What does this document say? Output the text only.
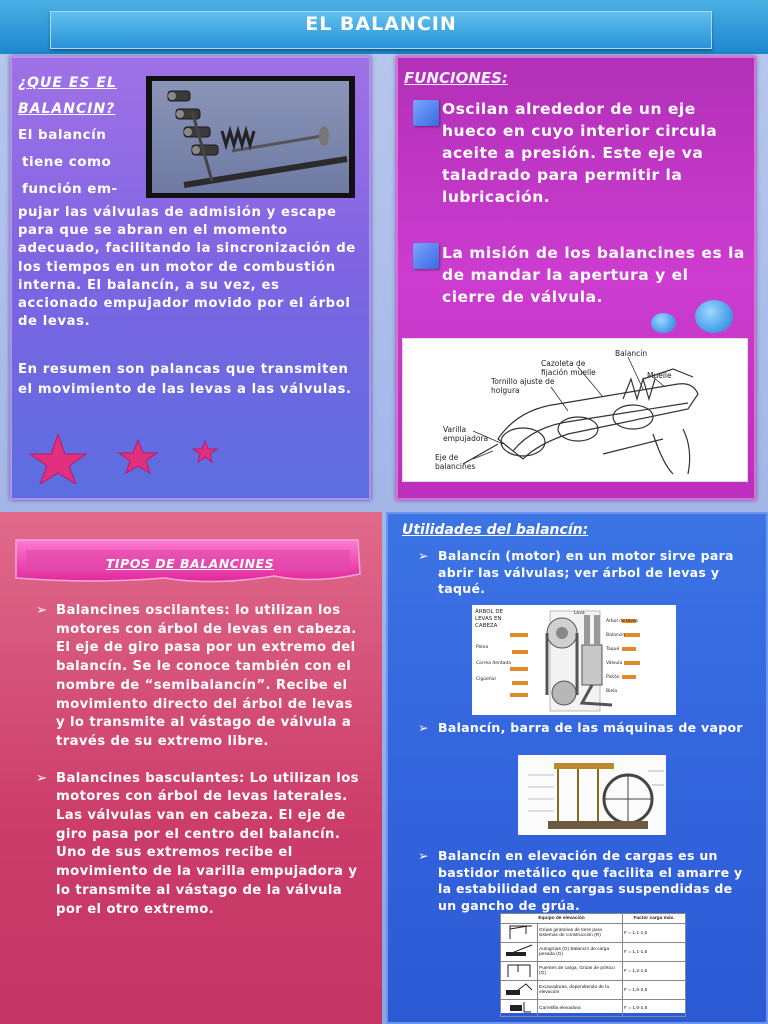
EL BALANCIN
¿QUE ES EL BALANCIN?
El balancín
tiene como
función em-
pujar las válvulas de admisión y escape para que se abran en el momento adecuado, facilitando la sincronización de los tiempos en un motor de combustión interna. El balancín, a su vez, es accionado empujador movido por el árbol de levas.
En resumen son palancas que transmiten el movimiento de las levas a las válvulas.
FUNCIONES:
Oscilan alrededor de un eje hueco en cuyo interior circula aceite a presión. Este eje va taladrado para permitir la lubricación.
La misión de los balancines es la de mandar la apertura y el cierre de válvula.
Cazoleta de fijación muelle
Balancín
Tornillo ajuste de holgura
Muelle
Varilla empujadora
Eje de balancines
TIPOS DE BALANCINES
➢ Balancines oscilantes: lo utilizan los motores con árbol de levas en cabeza. El eje de giro pasa por un extremo del balancín. Se le conoce también con el nombre de “semibalancín”. Recibe el movimiento directo del árbol de levas y lo transmite al vástago de válvula a través de su extremo libre.
➢ Balancines basculantes: Lo utilizan los motores con árbol de levas laterales. Las válvulas van en cabeza. El eje de giro pasa por el centro del balancín. Uno de sus extremos recibe el movimiento de la varilla empujadora y lo transmite al vástago de la válvula por el otro extremo.
Utilidades del balancín:
➢ Balancín (motor) en un motor sirve para abrir las válvulas; ver árbol de levas y taqué.
ÁRBOL DE LEVAS EN CABEZA
➢ Balancín, barra de las máquinas de vapor
➢ Balancín en elevación de cargas es un bastidor metálico que facilita el amarre y la estabilidad en cargas suspendidas de un gancho de grúa.
Equipo de elevación		Factor carga máx.
	Grúas giratorias de torre para sistemas de construcción (R)	F = 1,1-1,5
	Autogrúas (G) Balancín de carga pesada (G)	F = 1,1-1,5
	Puentes de carga, Grúas de pórtico (G)	F = 1,2-1,6
	Excavadoras, dependiendo de la elevación	F = 1,6-2,5
	Carretilla elevadora	F = 1,6-2,5
Leva
Árbol de levas
Balancín
Taqué
Válvula
Pistón
Biela
Polea
Correa dentada
Cigüeñal
